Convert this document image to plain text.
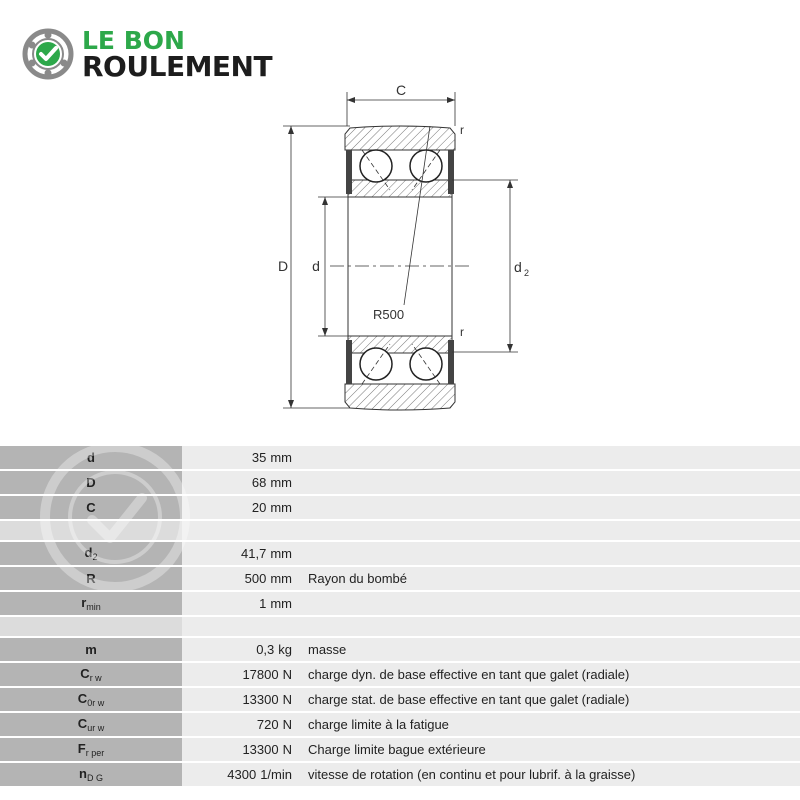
LE BON
ROULEMENT
C
D d	d 2
R500
r
r
d	35 mm	
D	68 mm	
C	20 mm	

$d_2$	41,7 mm	
R	500 mm	Rayon du bombé
$r_{min}$	1 mm	

m	0,3 kg	masse
$C_{r w}$	17800 N	charge dyn. de base effective en tant que galet (radiale)
$C_{0r w}$	13300 N	charge stat. de base effective en tant que galet (radiale)
$C_{ur w}$	720 N	charge limite à la fatigue
$F_{r per}$	13300 N	Charge limite bague extérieure
$n_{D G}$	4300 1/min	vitesse de rotation (en continu et pour lubrif. à la graisse)
